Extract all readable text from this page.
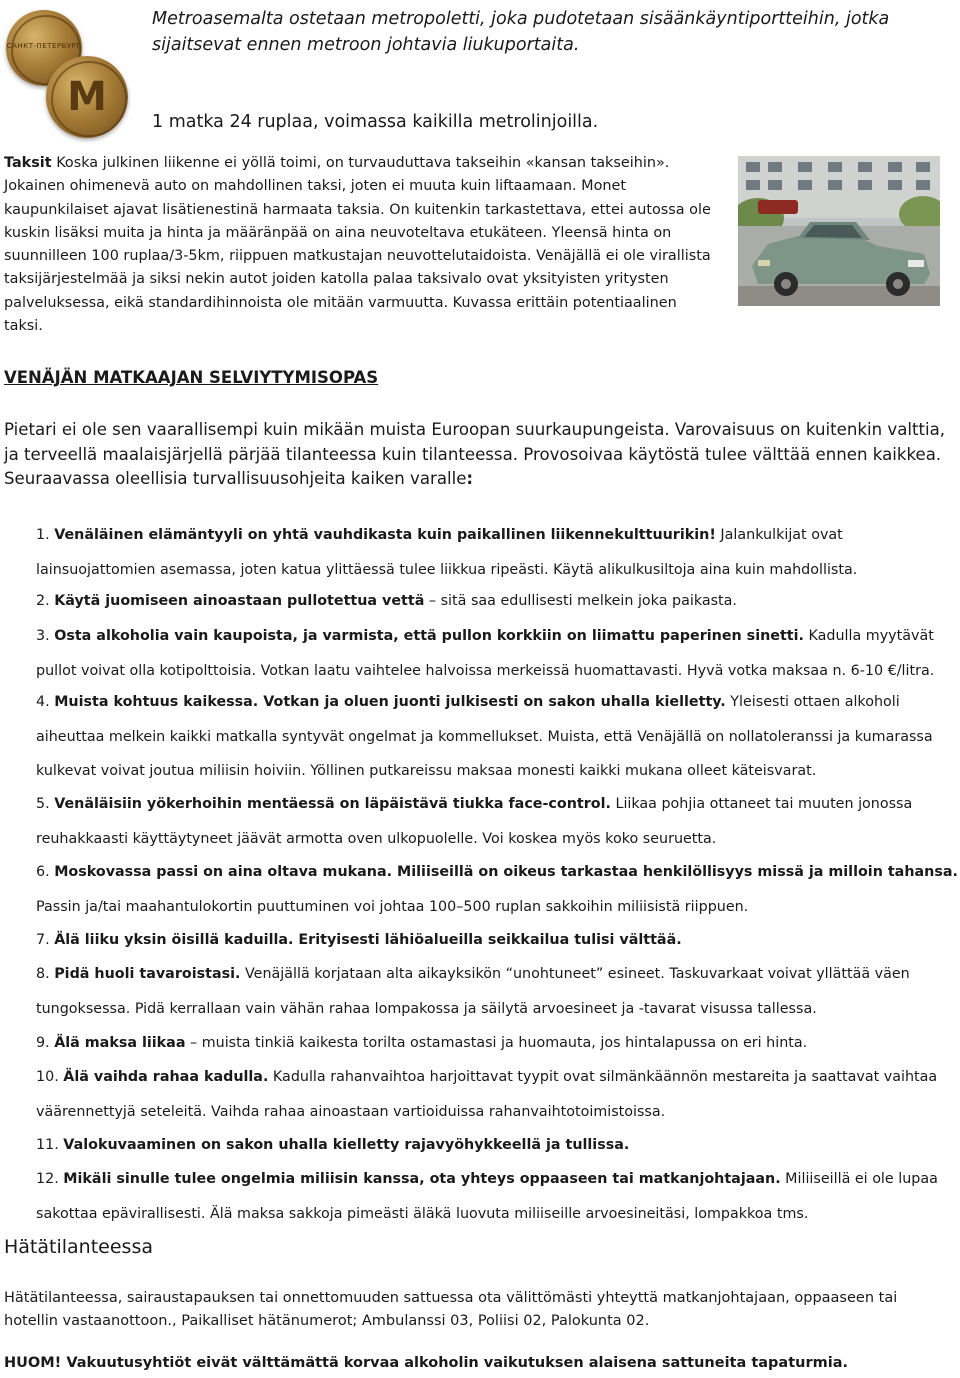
САНКТ-ПЕТЕРБУРГ
М
Metroasemalta ostetaan metropoletti, joka pudotetaan sisäänkäyntiportteihin, jotka sijaitsevat ennen metroon johtavia liukuportaita.
1 matka 24 ruplaa, voimassa kaikilla metrolinjoilla.
Taksit Koska julkinen liikenne ei yöllä toimi, on turvauduttava takseihin «kansan takseihin». Jokainen ohimenevä auto on mahdollinen taksi, joten ei muuta kuin liftaamaan. Monet kaupunkilaiset ajavat lisätienestinä harmaata taksia. On kuitenkin tarkastettava, ettei autossa ole kuskin lisäksi muita ja hinta ja määränpää on aina neuvoteltava etukäteen. Yleensä hinta on suunnilleen 100 ruplaa/3-5km, riippuen matkustajan neuvottelutaidoista. Venäjällä ei ole virallista taksijärjestelmää ja siksi nekin autot joiden katolla palaa taksivalo ovat yksityisten yritysten palveluksessa, eikä standardihinnoista ole mitään varmuutta. Kuvassa erittäin potentiaalinen taksi.
VENÄJÄN MATKAAJAN SELVIYTYMISOPAS
Pietari ei ole sen vaarallisempi kuin mikään muista Euroopan suurkaupungeista. Varovaisuus on kuitenkin valttia, ja terveellä maalaisjärjellä pärjää tilanteessa kuin tilanteessa. Provosoivaa käytöstä tulee välttää ennen kaikkea. Seuraavassa oleellisia turvallisuusohjeita kaiken varalle:
1. Venäläinen elämäntyyli on yhtä vauhdikasta kuin paikallinen liikennekulttuurikin! Jalankulkijat ovat lainsuojattomien asemassa, joten katua ylittäessä tulee liikkua ripeästi. Käytä alikulkusiltoja aina kuin mahdollista.
2. Käytä juomiseen ainoastaan pullotettua vettä – sitä saa edullisesti melkein joka paikasta.
3. Osta alkoholia vain kaupoista, ja varmista, että pullon korkkiin on liimattu paperinen sinetti. Kadulla myytävät pullot voivat olla kotipolttoisia. Votkan laatu vaihtelee halvoissa merkeissä huomattavasti. Hyvä votka maksaa n. 6-10 €/litra.
4. Muista kohtuus kaikessa. Votkan ja oluen juonti julkisesti on sakon uhalla kielletty. Yleisesti ottaen alkoholi aiheuttaa melkein kaikki matkalla syntyvät ongelmat ja kommellukset. Muista, että Venäjällä on nollatoleranssi ja kumarassa kulkevat voivat joutua miliisin hoiviin. Yöllinen putkareissu maksaa monesti kaikki mukana olleet käteisvarat.
5. Venäläisiin yökerhoihin mentäessä on läpäistävä tiukka face-control. Liikaa pohjia ottaneet tai muuten jonossa reuhakkaasti käyttäytyneet jäävät armotta oven ulkopuolelle. Voi koskea myös koko seuruetta.
6. Moskovassa passi on aina oltava mukana. Miliiseillä on oikeus tarkastaa henkilöllisyys missä ja milloin tahansa. Passin ja/tai maahantulokortin puuttuminen voi johtaa 100–500 ruplan sakkoihin miliisistä riippuen.
7. Älä liiku yksin öisillä kaduilla. Erityisesti lähiöalueilla seikkailua tulisi välttää.
8. Pidä huoli tavaroistasi. Venäjällä korjataan alta aikayksikön “unohtuneet” esineet. Taskuvarkaat voivat yllättää väen tungoksessa. Pidä kerrallaan vain vähän rahaa lompakossa ja säilytä arvoesineet ja -tavarat visussa tallessa.
9. Älä maksa liikaa – muista tinkiä kaikesta torilta ostamastasi ja huomauta, jos hintalapussa on eri hinta.
10. Älä vaihda rahaa kadulla. Kadulla rahanvaihtoa harjoittavat tyypit ovat silmänkäännön mestareita ja saattavat vaihtaa väärennettyjä seteleitä. Vaihda rahaa ainoastaan vartioiduissa rahanvaihtotoimistoissa.
11. Valokuvaaminen on sakon uhalla kielletty rajavyöhykkeellä ja tullissa.
12. Mikäli sinulle tulee ongelmia miliisin kanssa, ota yhteys oppaaseen tai matkanjohtajaan. Miliiseillä ei ole lupaa sakottaa epävirallisesti. Älä maksa sakkoja pimeästi äläkä luovuta miliiseille arvoesineitäsi, lompakkoa tms.
Hätätilanteessa
Hätätilanteessa, sairaustapauksen tai onnettomuuden sattuessa ota välittömästi yhteyttä matkanjohtajaan, oppaaseen tai hotellin vastaanottoon., Paikalliset hätänumerot; Ambulanssi 03, Poliisi 02, Palokunta 02.
HUOM! Vakuutusyhtiöt eivät välttämättä korvaa alkoholin vaikutuksen alaisena sattuneita tapaturmia.
